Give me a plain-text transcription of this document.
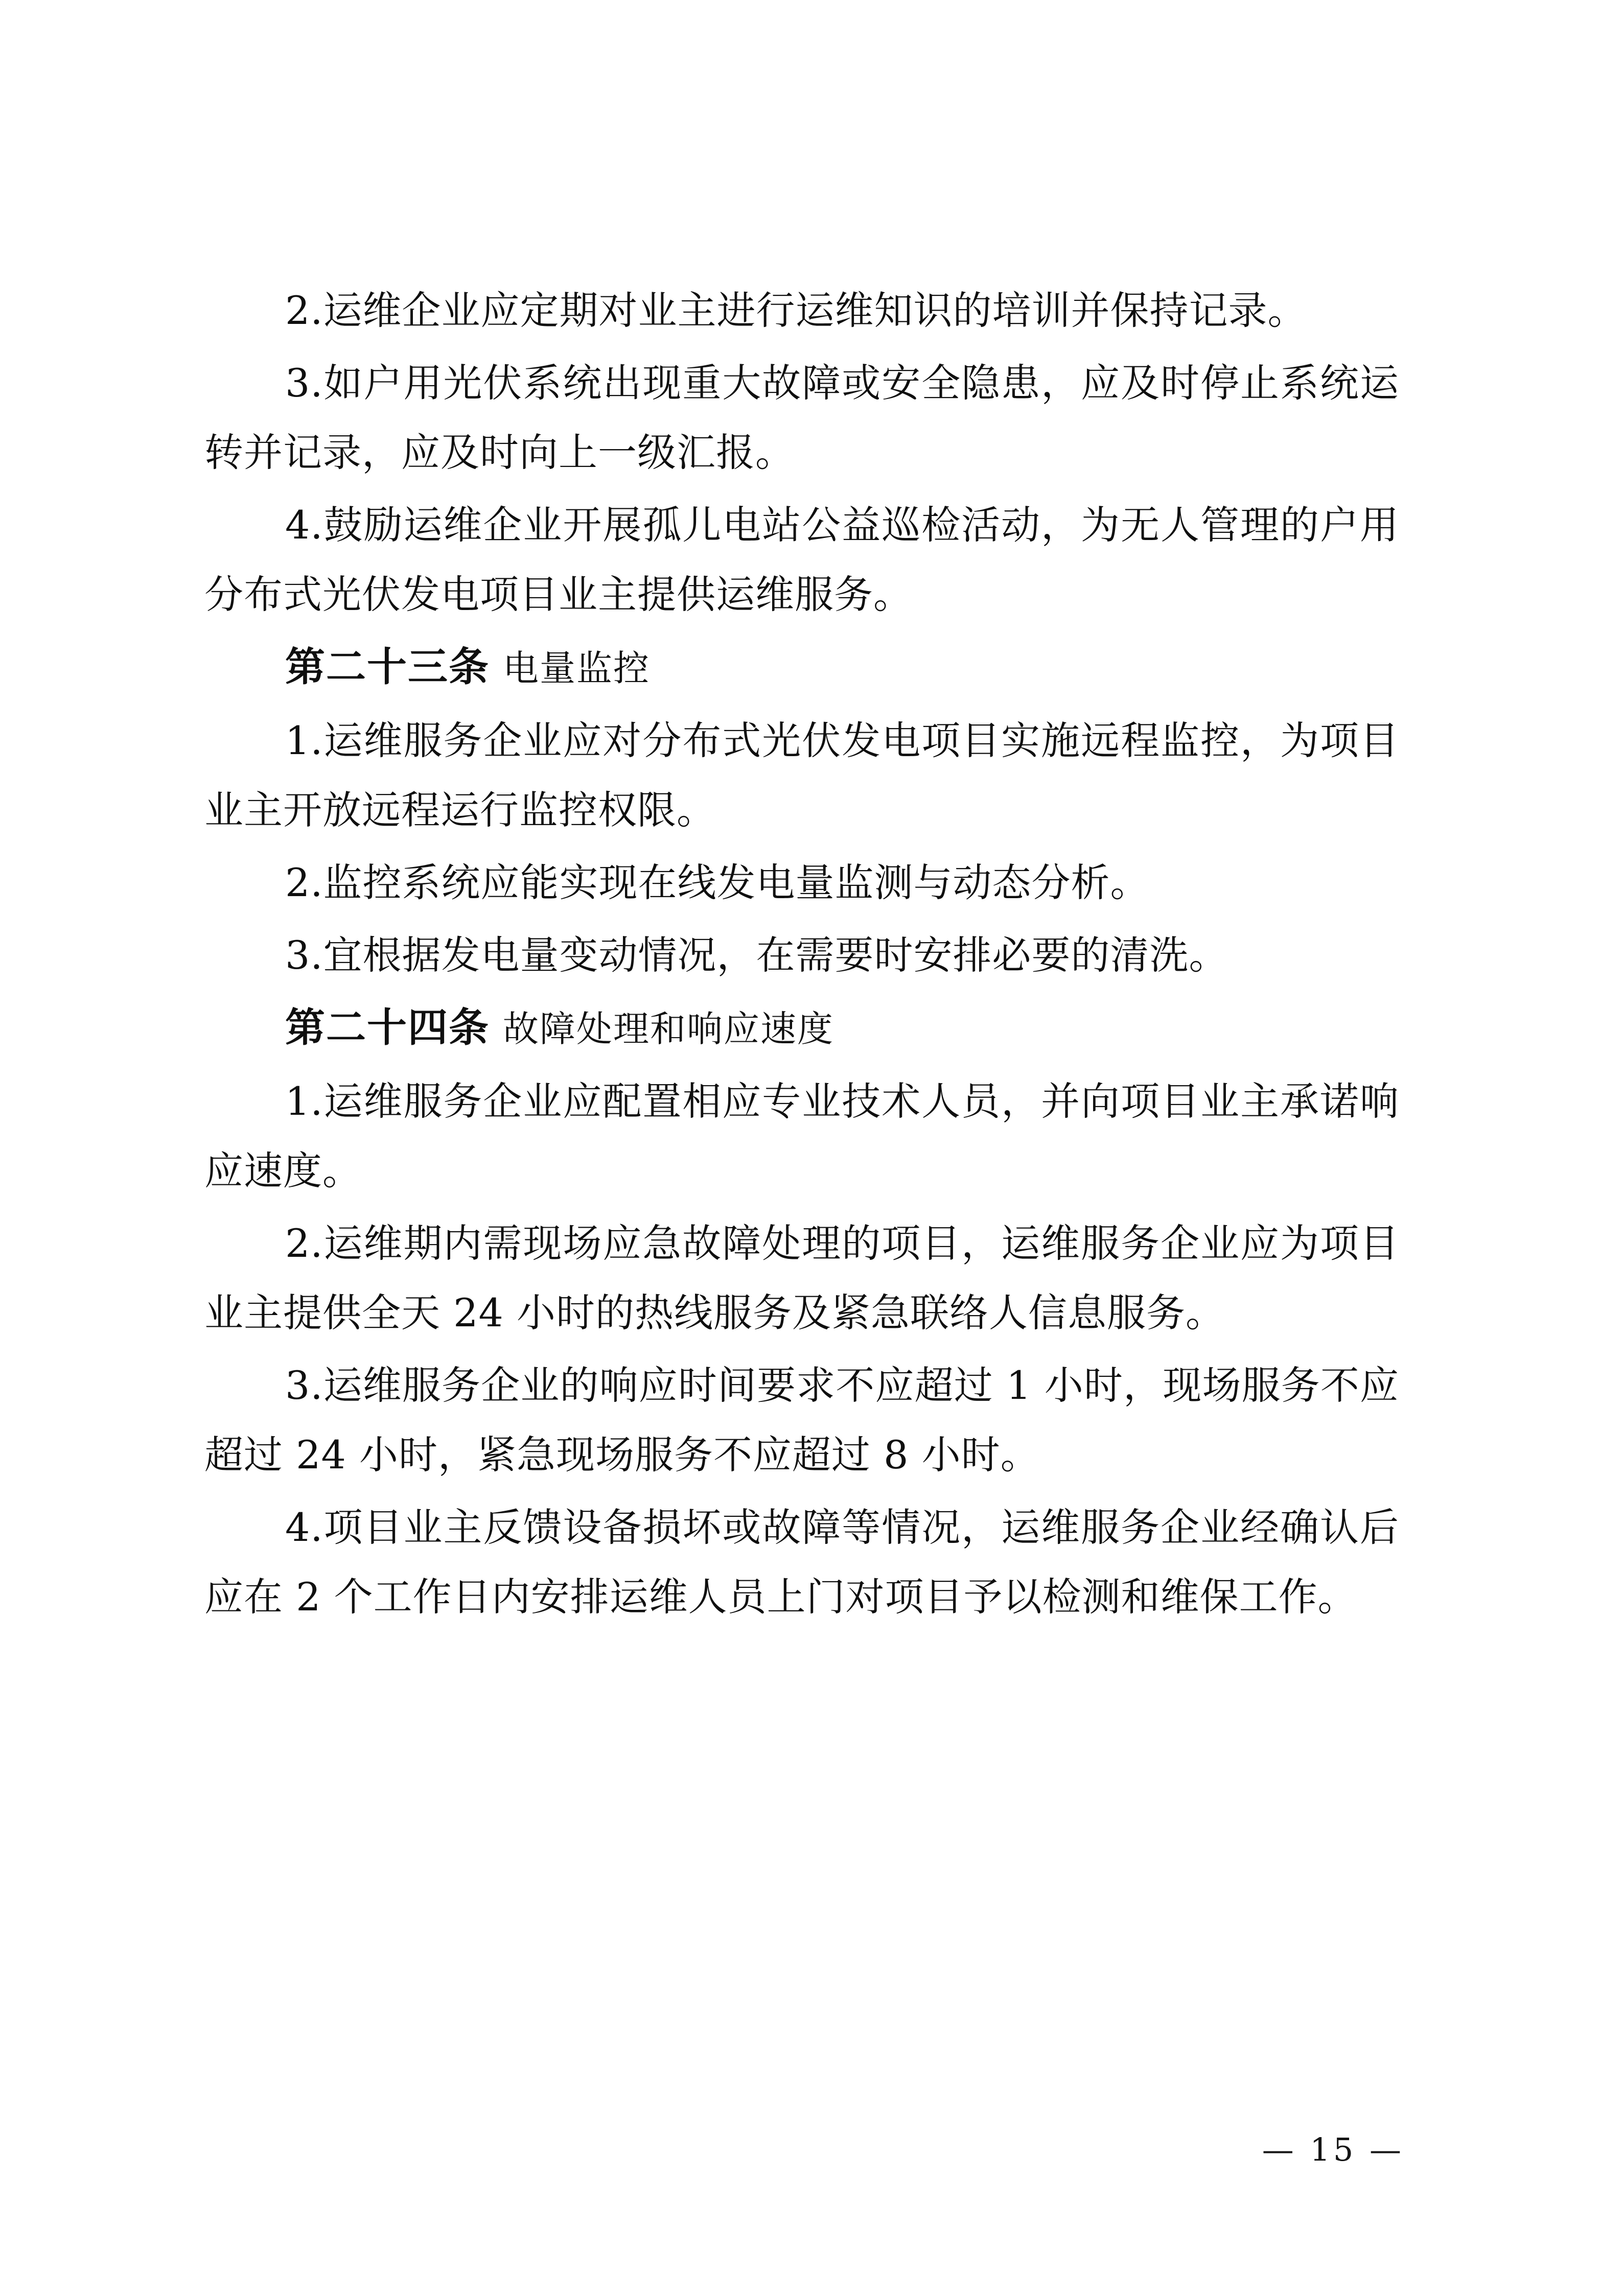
2.运维企业应定期对业主进行运维知识的培训并保持记录。

3.如户用光伏系统出现重大故障或安全隐患，应及时停止系统运转并记录，应及时向上一级汇报。

4.鼓励运维企业开展孤儿电站公益巡检活动，为无人管理的户用分布式光伏发电项目业主提供运维服务。

第二十三条 电量监控

1.运维服务企业应对分布式光伏发电项目实施远程监控，为项目业主开放远程运行监控权限。

2.监控系统应能实现在线发电量监测与动态分析。

3.宜根据发电量变动情况，在需要时安排必要的清洗。

第二十四条 故障处理和响应速度

1.运维服务企业应配置相应专业技术人员，并向项目业主承诺响应速度。

2.运维期内需现场应急故障处理的项目，运维服务企业应为项目业主提供全天 24 小时的热线服务及紧急联络人信息服务。

3.运维服务企业的响应时间要求不应超过 1 小时，现场服务不应超过 24 小时，紧急现场服务不应超过 8 小时。

4.项目业主反馈设备损坏或故障等情况，运维服务企业经确认后应在 2 个工作日内安排运维人员上门对项目予以检测和维保工作。

— 15 —
